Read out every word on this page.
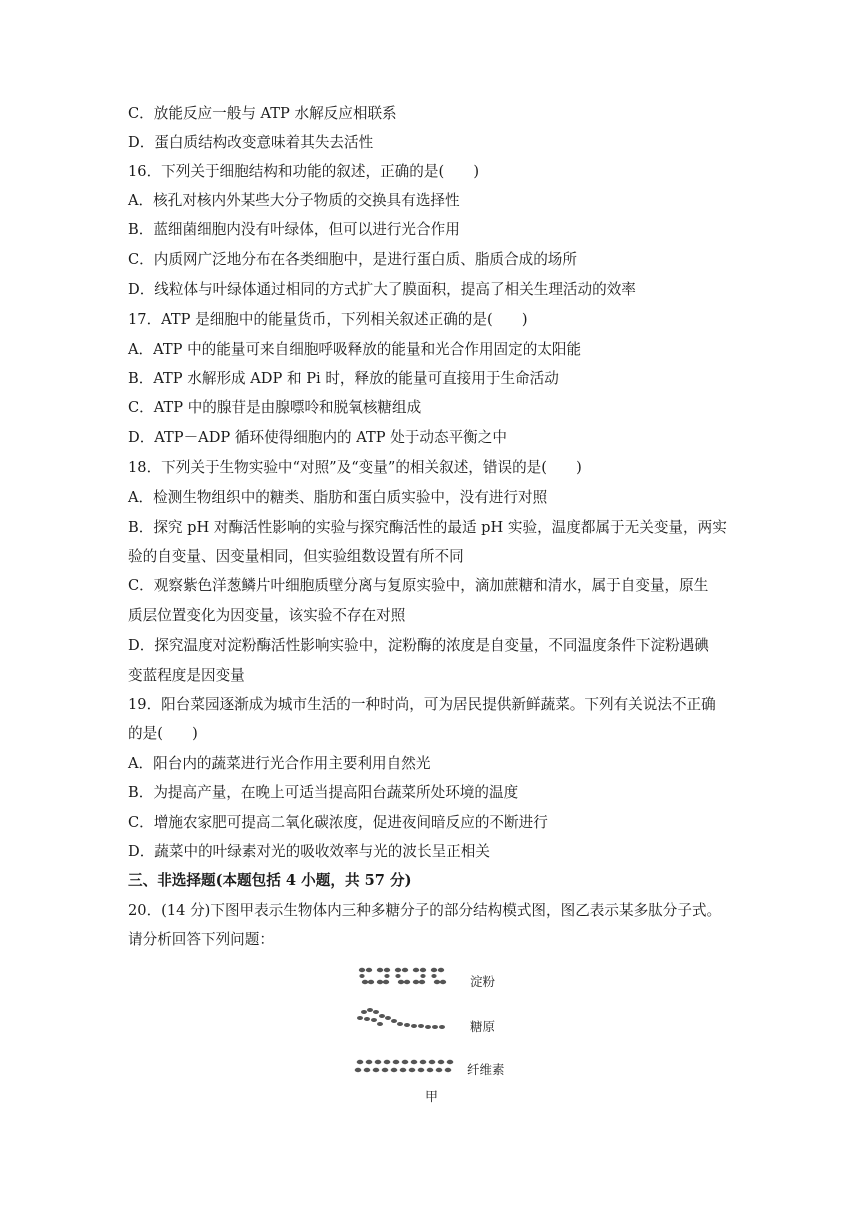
C．放能反应一般与 ATP 水解反应相联系
D．蛋白质结构改变意味着其失去活性
16．下列关于细胞结构和功能的叙述，正确的是(　　)
A．核孔对核内外某些大分子物质的交换具有选择性
B．蓝细菌细胞内没有叶绿体，但可以进行光合作用
C．内质网广泛地分布在各类细胞中，是进行蛋白质、脂质合成的场所
D．线粒体与叶绿体通过相同的方式扩大了膜面积，提高了相关生理活动的效率
17．ATP 是细胞中的能量货币，下列相关叙述正确的是(　　)
A．ATP 中的能量可来自细胞呼吸释放的能量和光合作用固定的太阳能
B．ATP 水解形成 ADP 和 Pi 时，释放的能量可直接用于生命活动
C．ATP 中的腺苷是由腺嘌呤和脱氧核糖组成
D．ATP－ADP 循环使得细胞内的 ATP 处于动态平衡之中
18．下列关于生物实验中“对照”及“变量”的相关叙述，错误的是(　　)
A．检测生物组织中的糖类、脂肪和蛋白质实验中，没有进行对照
B．探究 pH 对酶活性影响的实验与探究酶活性的最适 pH 实验，温度都属于无关变量，两实
验的自变量、因变量相同，但实验组数设置有所不同
C．观察紫色洋葱鳞片叶细胞质壁分离与复原实验中，滴加蔗糖和清水，属于自变量，原生
质层位置变化为因变量，该实验不存在对照
D．探究温度对淀粉酶活性影响实验中，淀粉酶的浓度是自变量，不同温度条件下淀粉遇碘
变蓝程度是因变量
19．阳台菜园逐渐成为城市生活的一种时尚，可为居民提供新鲜蔬菜。下列有关说法不正确
的是(　　)
A．阳台内的蔬菜进行光合作用主要利用自然光
B．为提高产量，在晚上可适当提高阳台蔬菜所处环境的温度
C．增施农家肥可提高二氧化碳浓度，促进夜间暗反应的不断进行
D．蔬菜中的叶绿素对光的吸收效率与光的波长呈正相关
三、非选择题(本题包括 4 小题，共 57 分)
20．(14 分)下图甲表示生物体内三种多糖分子的部分结构模式图，图乙表示某多肽分子式。
请分析回答下列问题：
淀粉
糖原
纤维素
甲
